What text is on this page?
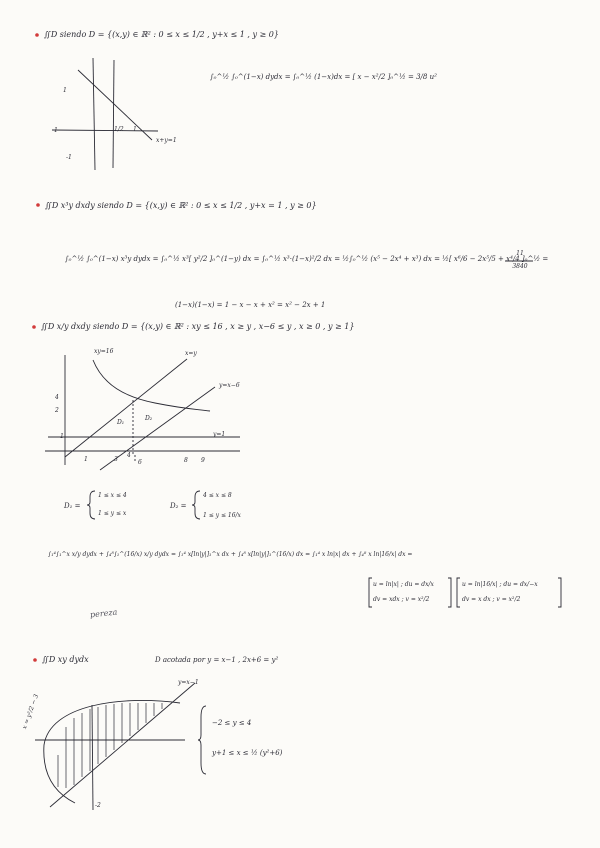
∬D siendo D = {(x,y) ∈ ℝ² : 0 ≤ x ≤ 1/2 , y+x ≤ 1 , y ≥ 0}
∫₀^½ ∫₀^(1−x) dydx = ∫₀^½ (1−x)dx = [ x − x²/2 ]₀^½ = 3/8 u²
1
-1
-1
1/2 1
x+y=1
∬D x³y dxdy siendo D = {(x,y) ∈ ℝ² : 0 ≤ x ≤ 1/2 , y+x = 1 , y ≥ 0}
∫₀^½ ∫₀^(1−x) x³y dydx = ∫₀^½ x³[ y²/2 ]₀^(1−y) dx = ∫₀^½ x³·(1−x)²/2 dx = ½∫₀^½ (x⁵ − 2x⁴ + x³) dx = ½[ x⁶/6 − 2x⁵/5 + x⁴/4 ]₀^½ =
11
3840
(1−x)(1−x) = 1 − x − x + x² = x² − 2x + 1
∬D x/y dxdy siendo D = {(x,y) ∈ ℝ² : xy ≤ 16 , x ≥ y , x−6 ≤ y , x ≥ 0 , y ≥ 1}
xy=16	x=y
y=x−6
y=1
4
2
1
D₁
D₂
1	3
4
6	8 9
D₁ =
1 ≤ x ≤ 4
1 ≤ y ≤ x
D₂ =
4 ≤ x ≤ 8
1 ≤ y ≤ 16/x
∫₁⁴∫₁^x x/y dydx + ∫₄⁸∫₁^(16/x) x/y dydx = ∫₁⁴ x[ln|y|]₁^x dx + ∫₄⁸ x[ln|y|]₁^(16/x) dx = ∫₁⁴ x ln|x| dx + ∫₄⁸ x ln|16/x| dx =
u = ln|x| ; du = dx/x
dv = xdx ; v = x²/2
u = ln|16/x| ; du = dx/−x
dv = x dx ; v = x²/2
pereza
∬D xy dydx	D acotada por y = x−1 , 2x+6 = y²
y=x−1
x = y²/2 − 3
-2
−2 ≤ y ≤ 4
y+1 ≤ x ≤ ½ (y²+6)
